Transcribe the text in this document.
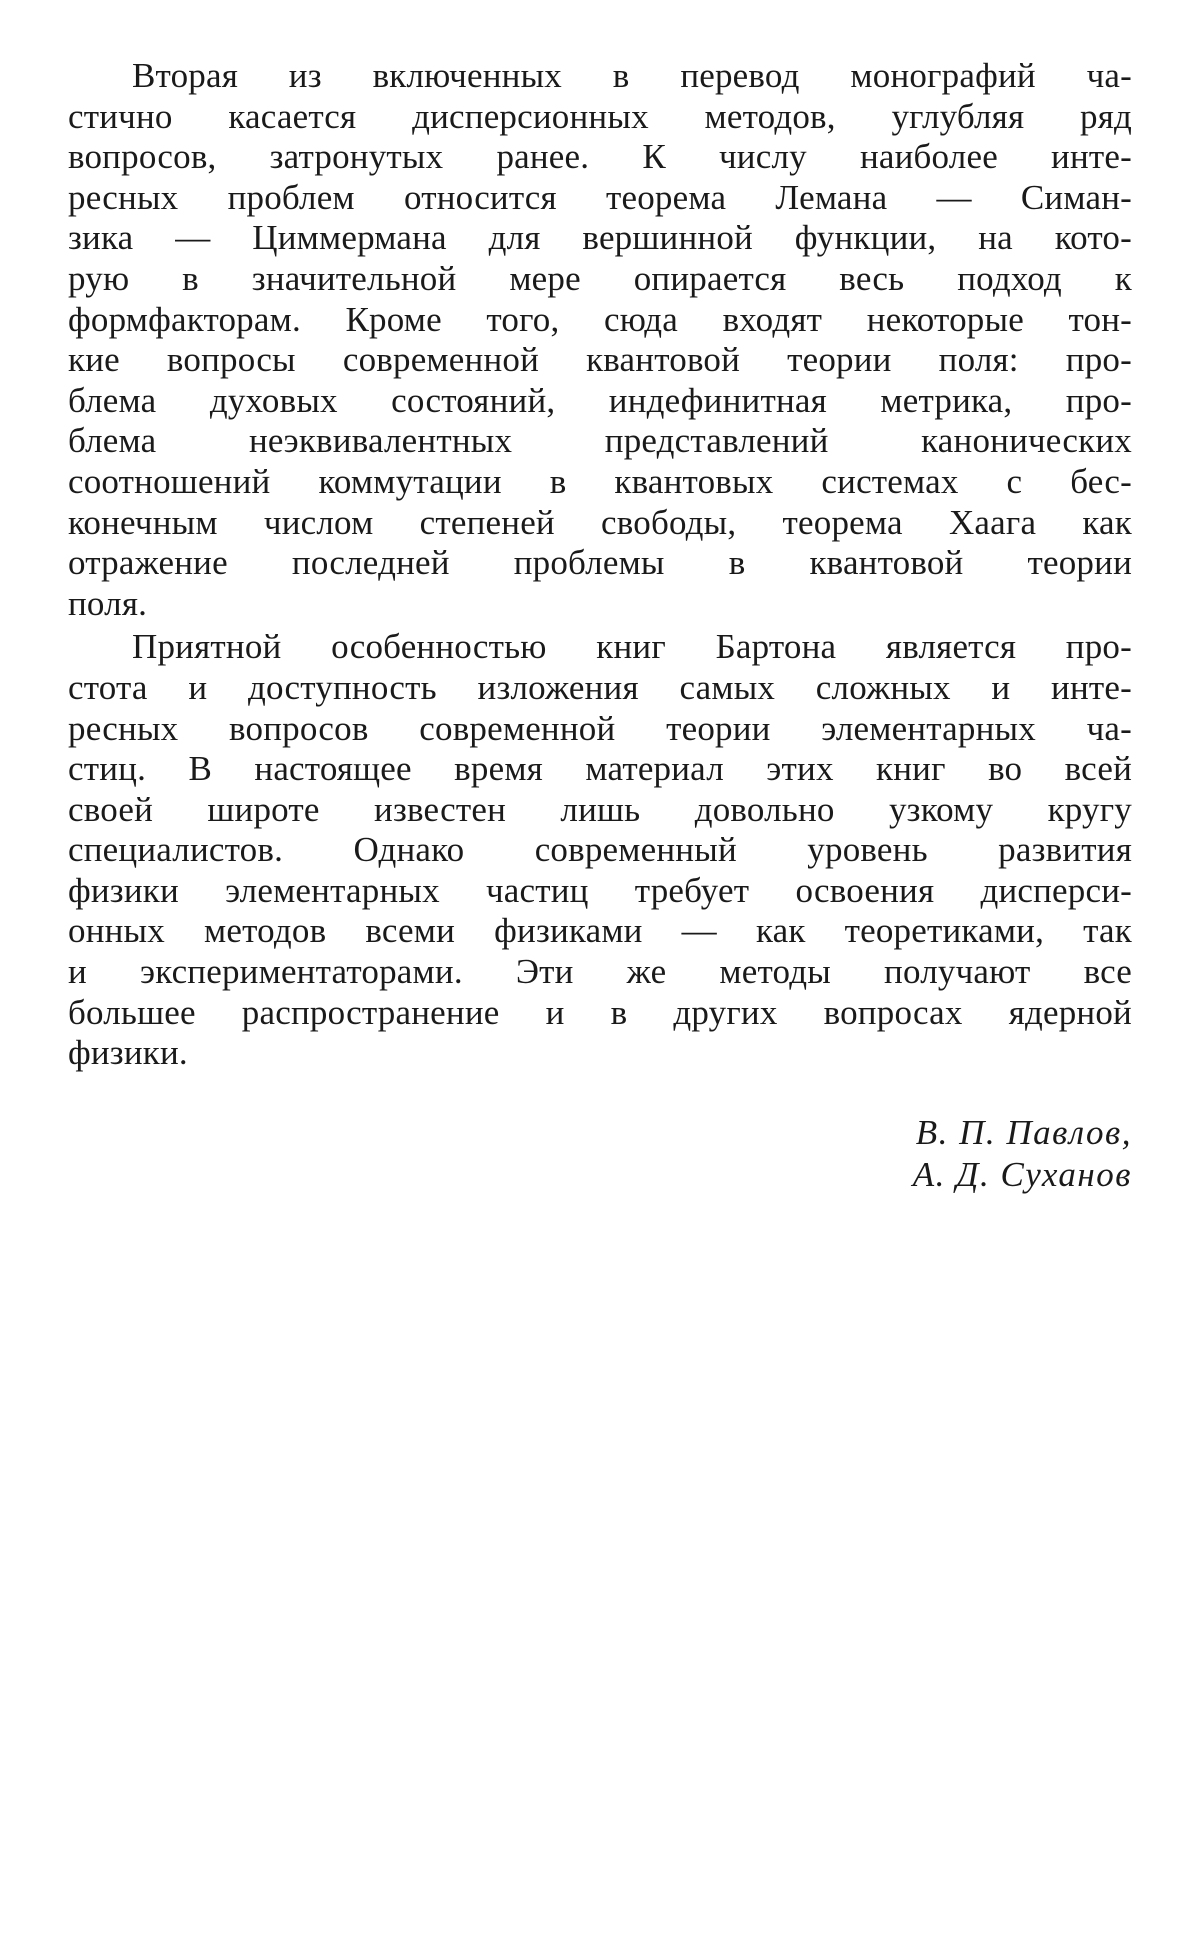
Вторая из включенных в перевод монографий ча-
стично касается дисперсионных методов, углубляя ряд
вопросов, затронутых ранее. К числу наиболее инте-
ресных проблем относится теорема Лемана — Симан-
зика — Циммермана для вершинной функции, на кото-
рую в значительной мере опирается весь подход к
формфакторам. Кроме того, сюда входят некоторые тон-
кие вопросы современной квантовой теории поля: про-
блема духовых состояний, индефинитная метрика, про-
блема неэквивалентных представлений канонических
соотношений коммутации в квантовых системах с бес-
конечным числом степеней свободы, теорема Хаага как
отражение последней проблемы в квантовой теории
поля.
Приятной особенностью книг Бартона является про-
стота и доступность изложения самых сложных и инте-
ресных вопросов современной теории элементарных ча-
стиц. В настоящее время материал этих книг во всей
своей широте известен лишь довольно узкому кругу
специалистов. Однако современный уровень развития
физики элементарных частиц требует освоения дисперси-
онных методов всеми физиками — как теоретиками, так
и экспериментаторами. Эти же методы получают все
большее распространение и в других вопросах ядерной
физики.
В. П. Павлов,
А. Д. Суханов
